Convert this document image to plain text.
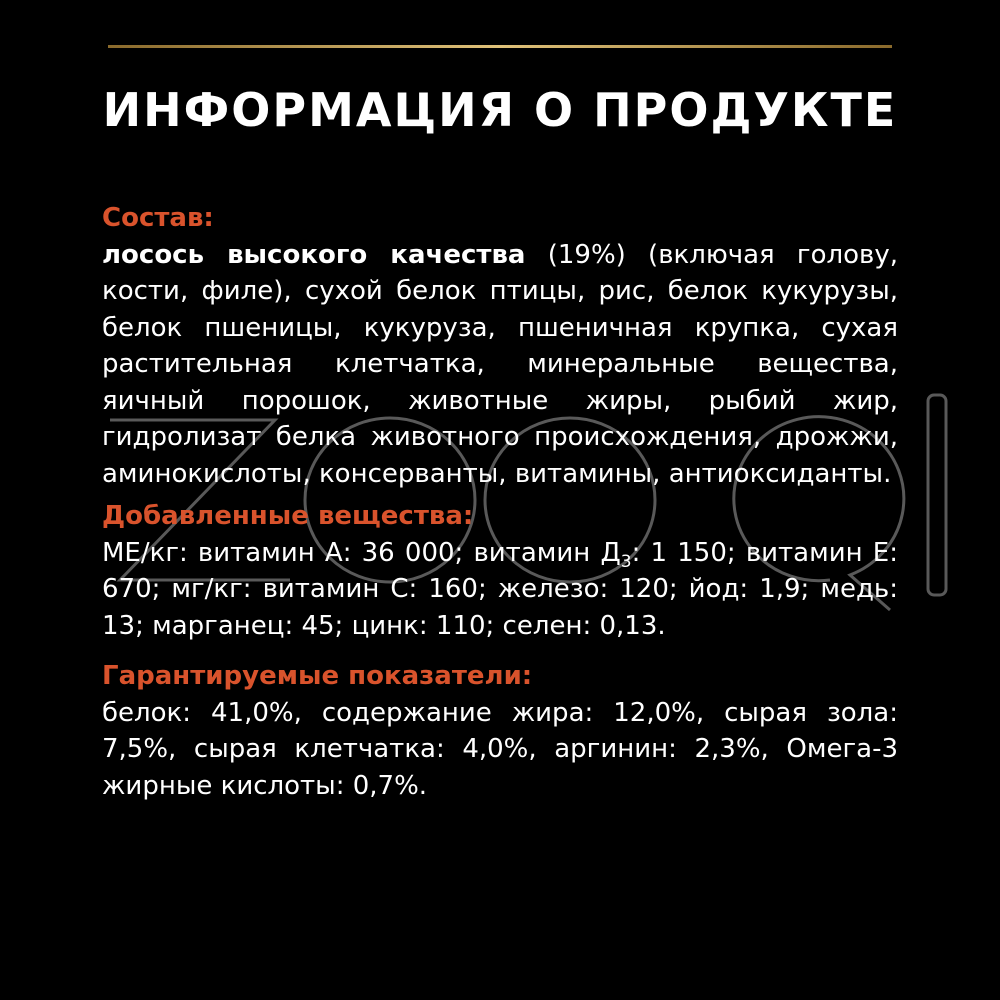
ИНФОРМАЦИЯ О ПРОДУКТЕ
Состав:
лосось высокого качества (19%) (включая голову, кости, филе), сухой белок птицы, рис, белок кукурузы, белок пшеницы, кукуруза, пшеничная крупка, сухая растительная клетчатка, минеральные вещества, яичный порошок, животные жиры, рыбий жир, гидролизат белка животного происхождения, дрожжи, аминокислоты, консерванты, витамины, антиоксиданты.
Добавленные вещества:
МЕ/кг: витамин А: 36 000; витамин $Д_3$: 1 150; витамин Е: 670; мг/кг: витамин С: 160; железо: 120; йод: 1,9; медь: 13; марганец: 45; цинк: 110; селен: 0,13.
Гарантируемые показатели:
белок: 41,0%, содержание жира: 12,0%, сырая зола: 7,5%, сырая клетчатка: 4,0%, аргинин: 2,3%, Омега-3 жирные кислоты: 0,7%.
